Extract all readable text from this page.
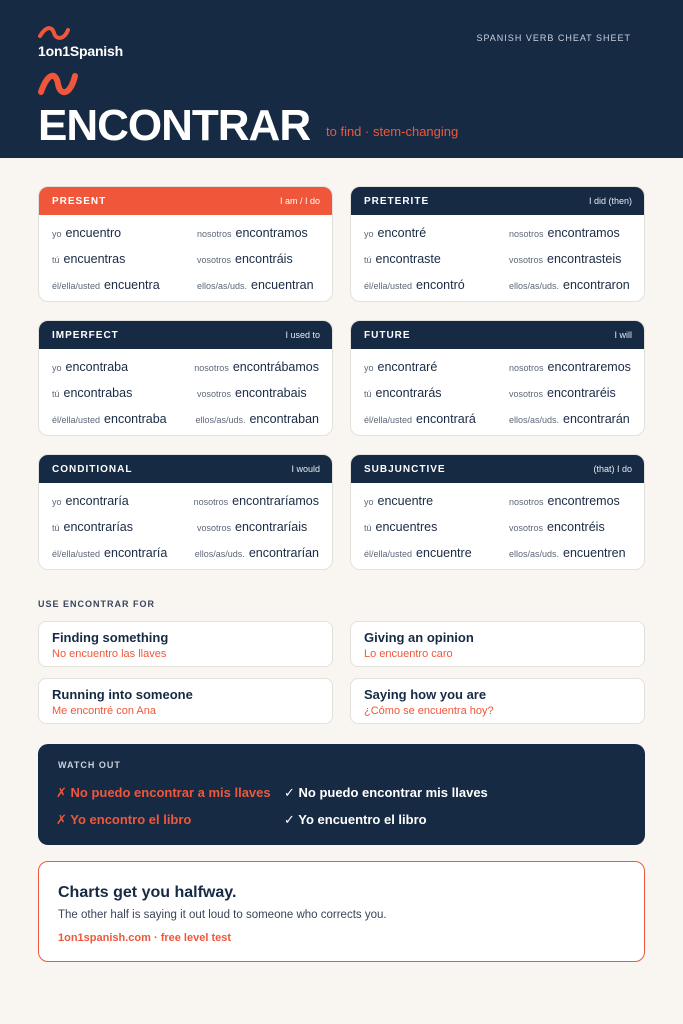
1on1Spanish
SPANISH VERB CHEAT SHEET
ENCONTRAR to find · stem-changing
PRESENT	I am / I do
yo encuentro	nosotros encontramos
tú encuentras	vosotros encontráis
él/ella/usted encuentra	ellos/as/uds. encuentran
PRETERITE	I did (then)
yo encontré	nosotros encontramos
tú encontraste	vosotros encontrasteis
él/ella/usted encontró	ellos/as/uds. encontraron
IMPERFECT	I used to
yo encontraba	nosotros encontrábamos
tú encontrabas	vosotros encontrabais
él/ella/usted encontraba	ellos/as/uds. encontraban
FUTURE	I will
yo encontraré	nosotros encontraremos
tú encontrarás	vosotros encontraréis
él/ella/usted encontrará	ellos/as/uds. encontrarán
CONDITIONAL	I would
yo encontraría	nosotros encontraríamos
tú encontrarías	vosotros encontraríais
él/ella/usted encontraría	ellos/as/uds. encontrarían
SUBJUNCTIVE	(that) I do
yo encuentre	nosotros encontremos
tú encuentres	vosotros encontréis
él/ella/usted encuentre	ellos/as/uds. encuentren
USE ENCONTRAR FOR
Finding something
No encuentro las llaves
Giving an opinion
Lo encuentro caro
Running into someone
Me encontré con Ana
Saying how you are
¿Cómo se encuentra hoy?
WATCH OUT
✗ No puedo encontrar a mis llaves ✓ No puedo encontrar mis llaves
✗ Yo encontro el libro	✓ Yo encuentro el libro
Charts get you halfway.
The other half is saying it out loud to someone who corrects you.
1on1spanish.com · free level test
